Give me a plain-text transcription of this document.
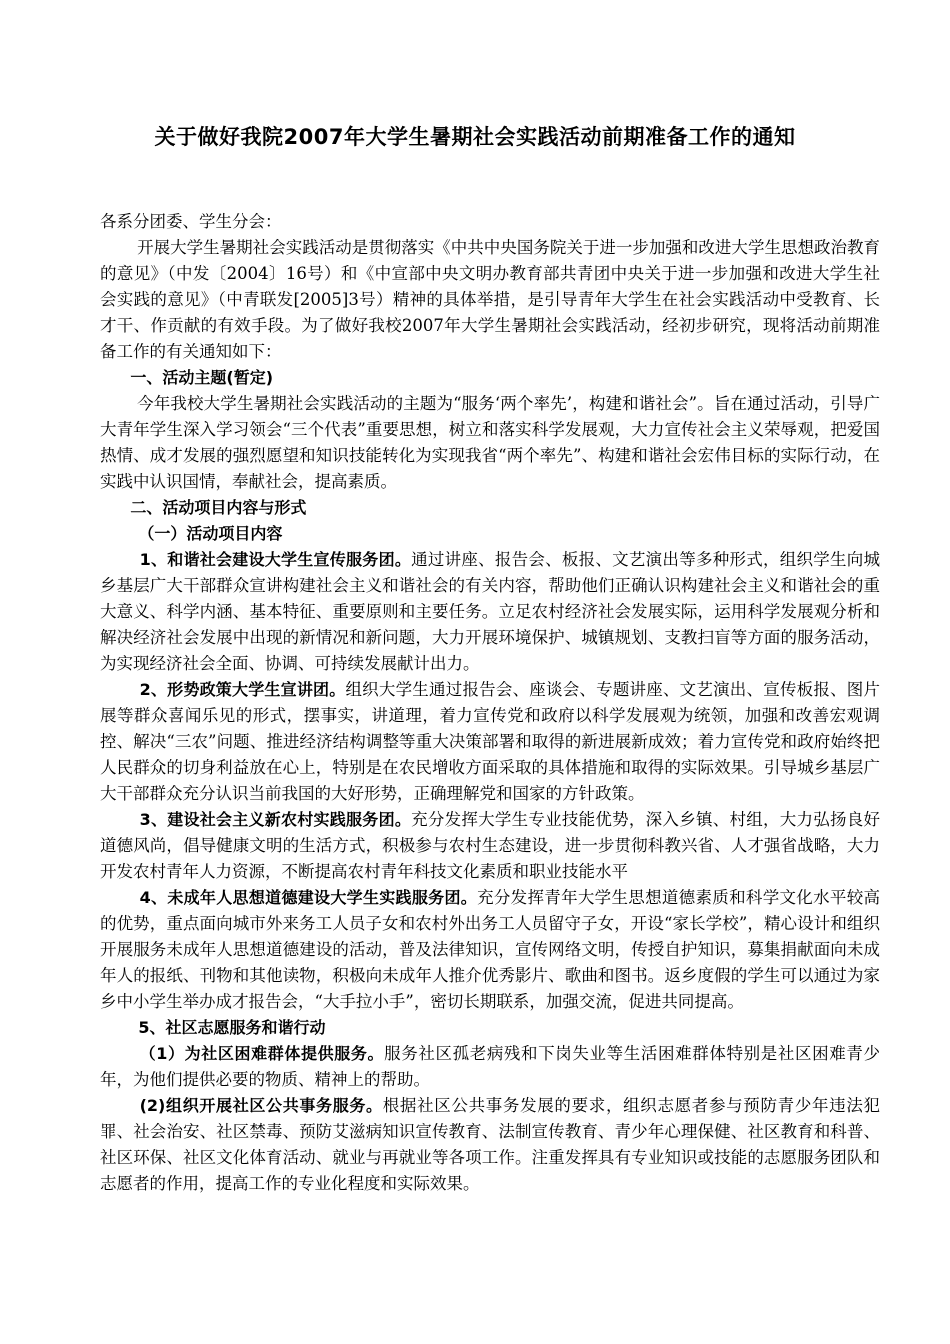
关于做好我院2007年大学生暑期社会实践活动前期准备工作的通知

各系分团委、学生分会：

开展大学生暑期社会实践活动是贯彻落实《中共中央国务院关于进一步加强和改进大学生思想政治教育的意见》（中发〔2004〕16号）和《中宣部中央文明办教育部共青团中央关于进一步加强和改进大学生社会实践的意见》（中青联发[2005]3号）精神的具体举措，是引导青年大学生在社会实践活动中受教育、长才干、作贡献的有效手段。为了做好我校2007年大学生暑期社会实践活动，经初步研究，现将活动前期准备工作的有关通知如下：

一、活动主题(暂定)

今年我校大学生暑期社会实践活动的主题为“服务‘两个率先’，构建和谐社会”。旨在通过活动，引导广大青年学生深入学习领会“三个代表”重要思想，树立和落实科学发展观，大力宣传社会主义荣辱观，把爱国热情、成才发展的强烈愿望和知识技能转化为实现我省“两个率先”、构建和谐社会宏伟目标的实际行动，在实践中认识国情，奉献社会，提高素质。

二、活动项目内容与形式

（一）活动项目内容

1、和谐社会建设大学生宣传服务团。通过讲座、报告会、板报、文艺演出等多种形式，组织学生向城乡基层广大干部群众宣讲构建社会主义和谐社会的有关内容，帮助他们正确认识构建社会主义和谐社会的重大意义、科学内涵、基本特征、重要原则和主要任务。立足农村经济社会发展实际，运用科学发展观分析和解决经济社会发展中出现的新情况和新问题，大力开展环境保护、城镇规划、支教扫盲等方面的服务活动，为实现经济社会全面、协调、可持续发展献计出力。

2、形势政策大学生宣讲团。组织大学生通过报告会、座谈会、专题讲座、文艺演出、宣传板报、图片展等群众喜闻乐见的形式，摆事实，讲道理，着力宣传党和政府以科学发展观为统领，加强和改善宏观调控、解决“三农”问题、推进经济结构调整等重大决策部署和取得的新进展新成效；着力宣传党和政府始终把人民群众的切身利益放在心上，特别是在农民增收方面采取的具体措施和取得的实际效果。引导城乡基层广大干部群众充分认识当前我国的大好形势，正确理解党和国家的方针政策。

3、建设社会主义新农村实践服务团。充分发挥大学生专业技能优势，深入乡镇、村组，大力弘扬良好道德风尚，倡导健康文明的生活方式，积极参与农村生态建设，进一步贯彻科教兴省、人才强省战略，大力开发农村青年人力资源，不断提高农村青年科技文化素质和职业技能水平

4、未成年人思想道德建设大学生实践服务团。充分发挥青年大学生思想道德素质和科学文化水平较高的优势，重点面向城市外来务工人员子女和农村外出务工人员留守子女，开设“家长学校”，精心设计和组织开展服务未成年人思想道德建设的活动，普及法律知识，宣传网络文明，传授自护知识，募集捐献面向未成年人的报纸、刊物和其他读物，积极向未成年人推介优秀影片、歌曲和图书。返乡度假的学生可以通过为家乡中小学生举办成才报告会，“大手拉小手”，密切长期联系，加强交流，促进共同提高。

5、社区志愿服务和谐行动

（1）为社区困难群体提供服务。服务社区孤老病残和下岗失业等生活困难群体特别是社区困难青少年，为他们提供必要的物质、精神上的帮助。

(2)组织开展社区公共事务服务。根据社区公共事务发展的要求，组织志愿者参与预防青少年违法犯罪、社会治安、社区禁毒、预防艾滋病知识宣传教育、法制宣传教育、青少年心理保健、社区教育和科普、社区环保、社区文化体育活动、就业与再就业等各项工作。注重发挥具有专业知识或技能的志愿服务团队和志愿者的作用，提高工作的专业化程度和实际效果。
